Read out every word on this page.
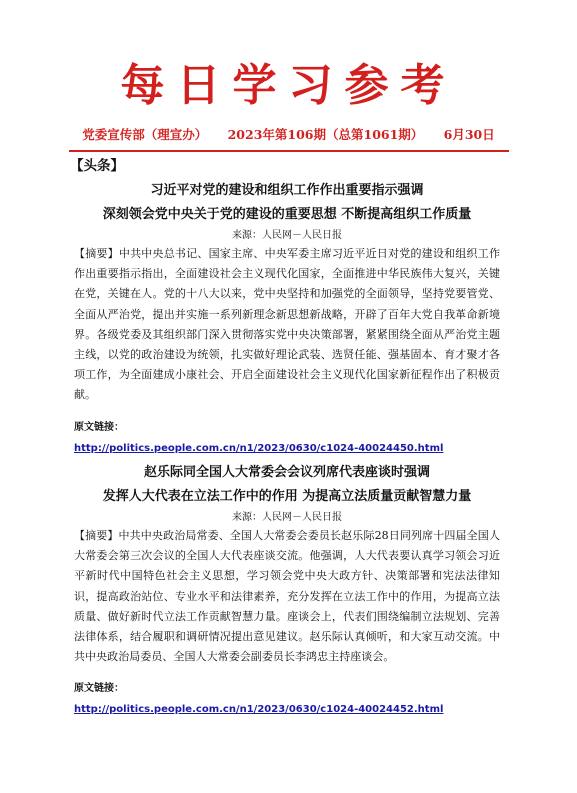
每日学习参考
党委宣传部（理宣办） 2023年第106期（总第1061期） 6月30日
【头条】
习近平对党的建设和组织工作作出重要指示强调
深刻领会党中央关于党的建设的重要思想 不断提高组织工作质量
来源：人民网－人民日报
【摘要】中共中央总书记、国家主席、中央军委主席习近平近日对党的建设和组织工作作出重要指示指出，全面建设社会主义现代化国家，全面推进中华民族伟大复兴，关键在党，关键在人。党的十八大以来，党中央坚持和加强党的全面领导，坚持党要管党、全面从严治党，提出并实施一系列新理念新思想新战略，开辟了百年大党自我革命新境界。各级党委及其组织部门深入贯彻落实党中央决策部署，紧紧围绕全面从严治党主题主线，以党的政治建设为统领，扎实做好理论武装、选贤任能、强基固本、育才聚才各项工作，为全面建成小康社会、开启全面建设社会主义现代化国家新征程作出了积极贡献。
原文链接：
http://politics.people.com.cn/n1/2023/0630/c1024-40024450.html
赵乐际同全国人大常委会会议列席代表座谈时强调
发挥人大代表在立法工作中的作用 为提高立法质量贡献智慧力量
来源：人民网－人民日报
【摘要】中共中央政治局常委、全国人大常委会委员长赵乐际28日同列席十四届全国人大常委会第三次会议的全国人大代表座谈交流。他强调，人大代表要认真学习领会习近平新时代中国特色社会主义思想，学习领会党中央大政方针、决策部署和宪法法律知识，提高政治站位、专业水平和法律素养，充分发挥在立法工作中的作用，为提高立法质量、做好新时代立法工作贡献智慧力量。座谈会上，代表们围绕编制立法规划、完善法律体系，结合履职和调研情况提出意见建议。赵乐际认真倾听，和大家互动交流。中共中央政治局委员、全国人大常委会副委员长李鸿忠主持座谈会。
原文链接：
http://politics.people.com.cn/n1/2023/0630/c1024-40024452.html
